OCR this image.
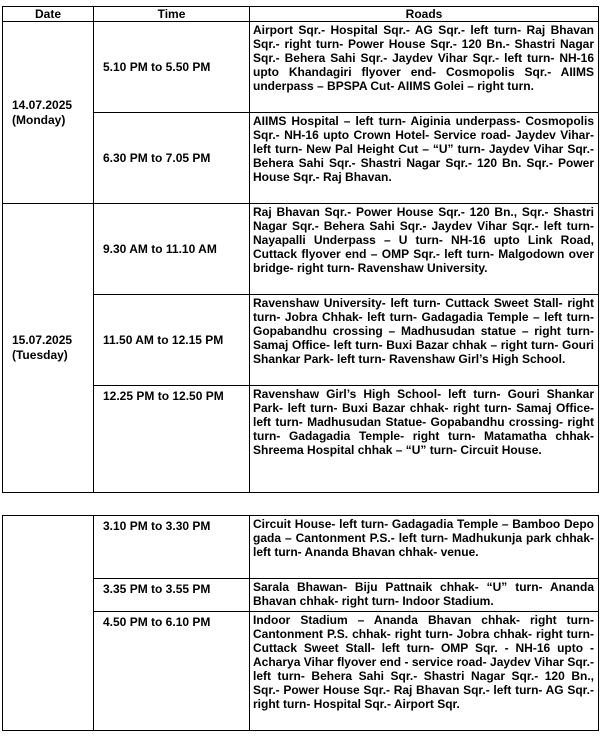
Date	Time	Roads

14.07.2025
(Monday)	5.10 PM to 5.50 PM	Airport Sqr.- Hospital Sqr.- AG Sqr.- left turn- Raj Bhavan Sqr.- right turn- Power House Sqr.- 120 Bn.- Shastri Nagar Sqr.- Behera Sahi Sqr.- Jaydev Vihar Sqr.- left turn- NH-16 upto Khandagiri flyover end- Cosmopolis Sqr.- AIIMS underpass – BPSPA Cut- AIIMS Golei – right turn.
	6.30 PM to 7.05 PM	AIIMS Hospital – left turn- Aiginia underpass- Cosmopolis Sqr.- NH-16 upto Crown Hotel- Service road- Jaydev Vihar- left turn- New Pal Height Cut – “U” turn- Jaydev Vihar Sqr.- Behera Sahi Sqr.- Shastri Nagar Sqr.- 120 Bn. Sqr.- Power House Sqr.- Raj Bhavan.

15.07.2025
(Tuesday)	9.30 AM to 11.10 AM	Raj Bhavan Sqr.- Power House Sqr.- 120 Bn., Sqr.- Shastri Nagar Sqr.- Behera Sahi Sqr.- Jaydev Vihar Sqr.- left turn- Nayapalli Underpass – U turn- NH-16 upto Link Road, Cuttack flyover end – OMP Sqr.- left turn- Malgodown over bridge- right turn- Ravenshaw University.
	11.50 AM to 12.15 PM	Ravenshaw University- left turn- Cuttack Sweet Stall- right turn- Jobra Chhak- left turn- Gadagadia Temple – left turn- Gopabandhu crossing – Madhusudan statue – right turn- Samaj Office- left turn- Buxi Bazar chhak – right turn- Gouri Shankar Park- left turn- Ravenshaw Girl’s High School.
	12.25 PM to 12.50 PM	Ravenshaw Girl’s High School- left turn- Gouri Shankar Park- left turn- Buxi Bazar chhak- right turn- Samaj Office- left turn- Madhusudan Statue- Gopabandhu crossing- right turn- Gadagadia Temple- right turn- Matamatha chhak- Shreema Hospital chhak – “U” turn- Circuit House.
	3.10 PM to 3.30 PM	Circuit House- left turn- Gadagadia Temple – Bamboo Depo gada – Cantonment P.S.- left turn- Madhukunja park chhak- left turn- Ananda Bhavan chhak- venue.
	3.35 PM to 3.55 PM	Sarala Bhawan- Biju Pattnaik chhak- “U” turn- Ananda Bhavan chhak- right turn- Indoor Stadium.
	4.50 PM to 6.10 PM	Indoor Stadium – Ananda Bhavan chhak- right turn- Cantonment P.S. chhak- right turn- Jobra chhak- right turn- Cuttack Sweet Stall- left turn- OMP Sqr. - NH-16 upto - Acharya Vihar flyover end - service road- Jaydev Vihar Sqr.- left turn- Behera Sahi Sqr.- Shastri Nagar Sqr.- 120 Bn., Sqr.- Power House Sqr.- Raj Bhavan Sqr.- left turn- AG Sqr.- right turn- Hospital Sqr.- Airport Sqr.
